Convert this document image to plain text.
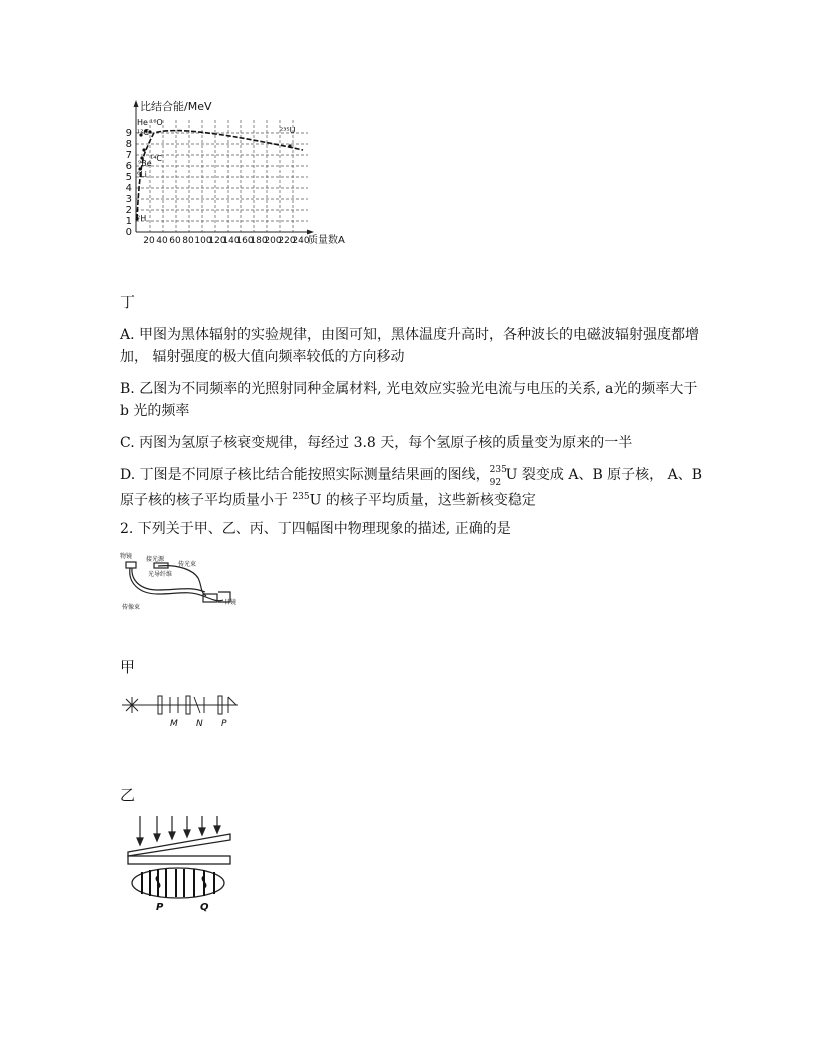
0
1
2
3
4
5
6
7
8
9
20 40 60 80 100
120
140
160
180
200
220
240
比结合能/MeV
质量数A
He ¹⁶O
¹²C
⁹Be
¹⁴C
⁶Li
²H
²³⁵U
丁
A. 甲图为黑体辐射的实验规律，由图可知，黑体温度升高时，各种波长的电磁波辐射强度都增加， 辐射强度的极大值向频率较低的方向移动
B. 乙图为不同频率的光照射同种金属材料, 光电效应实验光电流与电压的关系, a光的频率大于 b 光的频率
C. 丙图为氢原子核衰变规律，每经过 3.8 天，每个氢原子核的质量变为原来的一半
D. 丁图是不同原子核比结合能按照实际测量结果画的图线， 235
92 U 裂变成 A、B 原子核， A、B 原子核的核子平均质量小于 $^{235}$U 的核子平均质量，这些新核变稳定
2. 下列关于甲、乙、丙、丁四幅图中物理现象的描述, 正确的是
物镜 接光源
传光束
光导纤维
传像束
目镜
甲
M N P
乙
P	Q
